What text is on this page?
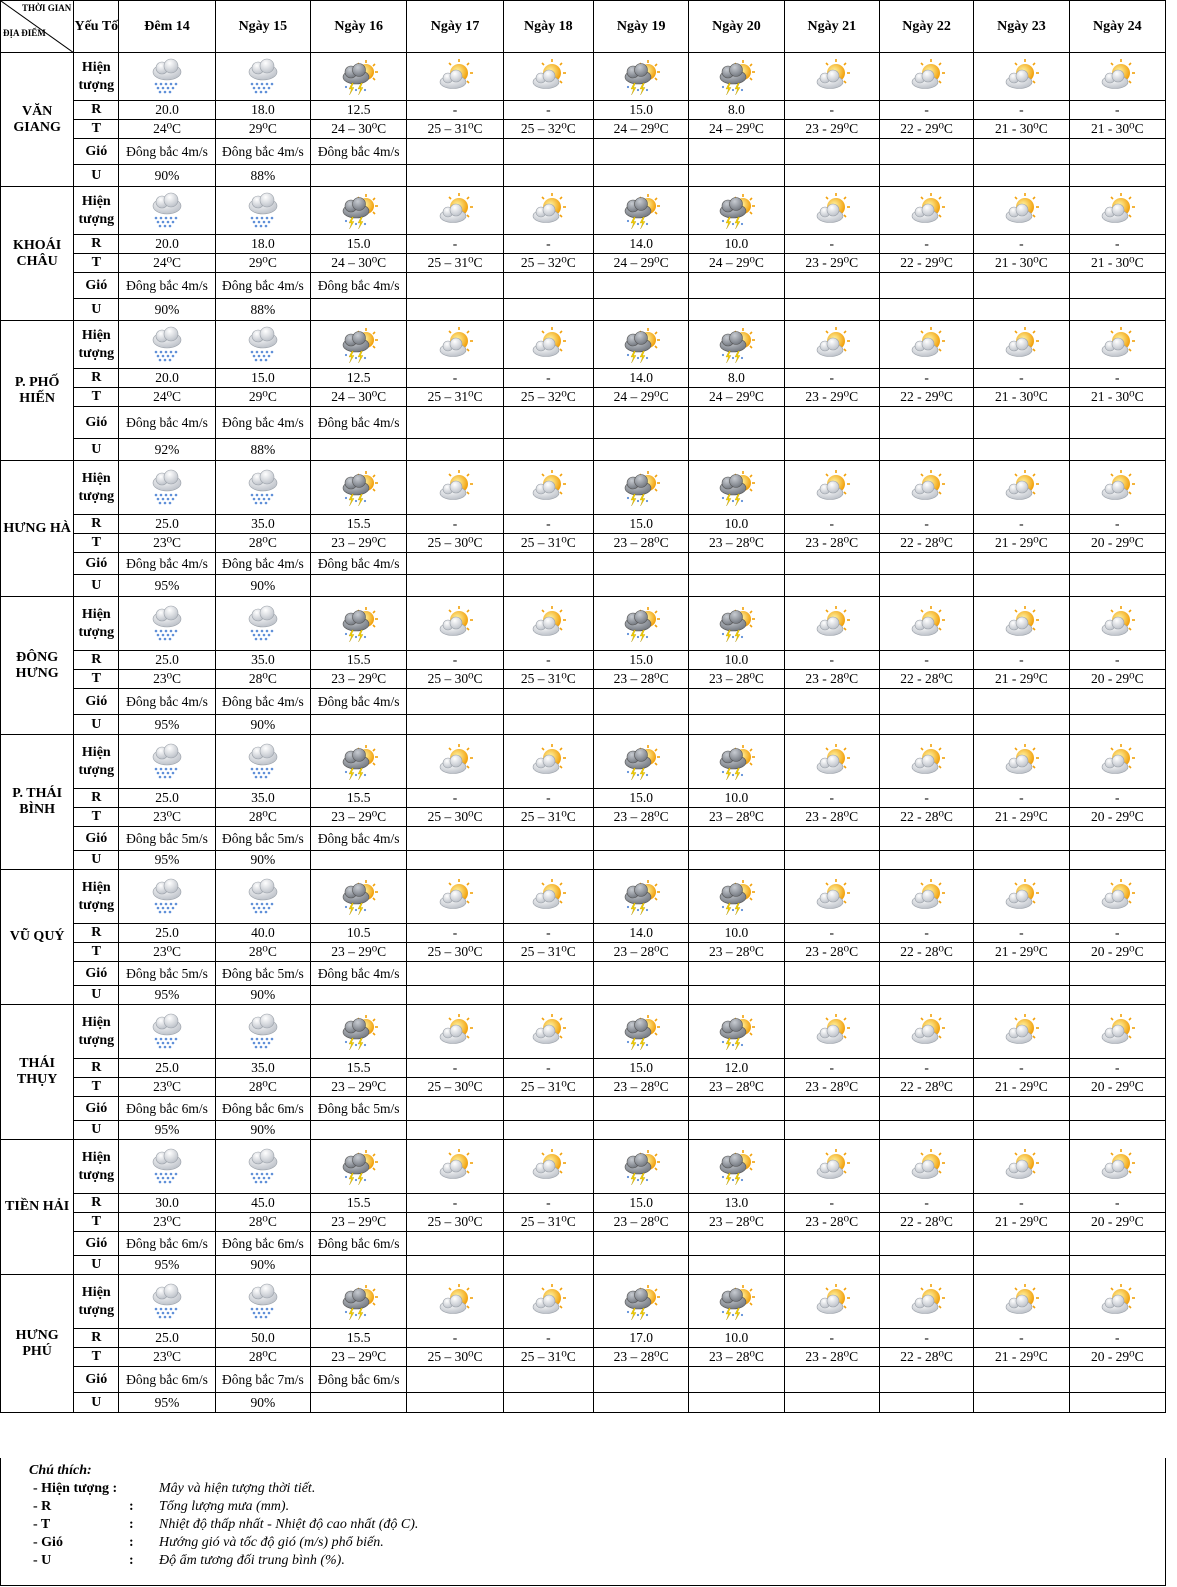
THỜI GIAN
ĐỊA ĐIỂM	Yếu Tố	Đêm 14	Ngày 15	Ngày 16	Ngày 17	Ngày 18	Ngày 19	Ngày 20	Ngày 21	Ngày 22	Ngày 23	Ngày 24
VĂN GIANG	Hiện tượng	

	R	20.0	18.0	12.5	-	-	15.0	8.0	-	-	-	-
	T	24⁰C	29⁰C	24 – 30⁰C	25 – 31⁰C	25 – 32⁰C	24 – 29⁰C	24 – 29⁰C	23 - 29⁰C	22 - 29⁰C	21 - 30⁰C	21 - 30⁰C
	Gió	Đông bắc 4m/s	Đông bắc 4m/s	Đông bắc 4m/s								
	U	90%	88%									
KHOÁI CHÂU	Hiện tượng	

	R	20.0	18.0	15.0	-	-	14.0	10.0	-	-	-	-
	T	24⁰C	29⁰C	24 – 30⁰C	25 – 31⁰C	25 – 32⁰C	24 – 29⁰C	24 – 29⁰C	23 - 29⁰C	22 - 29⁰C	21 - 30⁰C	21 - 30⁰C
	Gió	Đông bắc 4m/s	Đông bắc 4m/s	Đông bắc 4m/s								
	U	90%	88%									
P. PHỐ HIẾN	Hiện tượng	

	R	20.0	15.0	12.5	-	-	14.0	8.0	-	-	-	-
	T	24⁰C	29⁰C	24 – 30⁰C	25 – 31⁰C	25 – 32⁰C	24 – 29⁰C	24 – 29⁰C	23 - 29⁰C	22 - 29⁰C	21 - 30⁰C	21 - 30⁰C
	Gió	Đông bắc 4m/s	Đông bắc 4m/s	Đông bắc 4m/s								
	U	92%	88%									
HƯNG HÀ	Hiện tượng	

	R	25.0	35.0	15.5	-	-	15.0	10.0	-	-	-	-
	T	23⁰C	28⁰C	23 – 29⁰C	25 – 30⁰C	25 – 31⁰C	23 – 28⁰C	23 – 28⁰C	23 - 28⁰C	22 - 28⁰C	21 - 29⁰C	20 - 29⁰C
	Gió	Đông bắc 4m/s	Đông bắc 4m/s	Đông bắc 4m/s								
	U	95%	90%									
ĐÔNG HƯNG	Hiện tượng	

	R	25.0	35.0	15.5	-	-	15.0	10.0	-	-	-	-
	T	23⁰C	28⁰C	23 – 29⁰C	25 – 30⁰C	25 – 31⁰C	23 – 28⁰C	23 – 28⁰C	23 - 28⁰C	22 - 28⁰C	21 - 29⁰C	20 - 29⁰C
	Gió	Đông bắc 4m/s	Đông bắc 4m/s	Đông bắc 4m/s								
	U	95%	90%									
P. THÁI BÌNH	Hiện tượng	

	R	25.0	35.0	15.5	-	-	15.0	10.0	-	-	-	-
	T	23⁰C	28⁰C	23 – 29⁰C	25 – 30⁰C	25 – 31⁰C	23 – 28⁰C	23 – 28⁰C	23 - 28⁰C	22 - 28⁰C	21 - 29⁰C	20 - 29⁰C
	Gió	Đông bắc 5m/s	Đông bắc 5m/s	Đông bắc 4m/s								
	U	95%	90%									
VŨ QUÝ	Hiện tượng	

	R	25.0	40.0	10.5	-	-	14.0	10.0	-	-	-	-
	T	23⁰C	28⁰C	23 – 29⁰C	25 – 30⁰C	25 – 31⁰C	23 – 28⁰C	23 – 28⁰C	23 - 28⁰C	22 - 28⁰C	21 - 29⁰C	20 - 29⁰C
	Gió	Đông bắc 5m/s	Đông bắc 5m/s	Đông bắc 4m/s								
	U	95%	90%									
THÁI THỤY	Hiện tượng	

	R	25.0	35.0	15.5	-	-	15.0	12.0	-	-	-	-
	T	23⁰C	28⁰C	23 – 29⁰C	25 – 30⁰C	25 – 31⁰C	23 – 28⁰C	23 – 28⁰C	23 - 28⁰C	22 - 28⁰C	21 - 29⁰C	20 - 29⁰C
	Gió	Đông bắc 6m/s	Đông bắc 6m/s	Đông bắc 5m/s								
	U	95%	90%									
TIỀN HẢI	Hiện tượng	

	R	30.0	45.0	15.5	-	-	15.0	13.0	-	-	-	-
	T	23⁰C	28⁰C	23 – 29⁰C	25 – 30⁰C	25 – 31⁰C	23 – 28⁰C	23 – 28⁰C	23 - 28⁰C	22 - 28⁰C	21 - 29⁰C	20 - 29⁰C
	Gió	Đông bắc 6m/s	Đông bắc 6m/s	Đông bắc 6m/s								
	U	95%	90%									
HƯNG PHÚ	Hiện tượng	

	R	25.0	50.0	15.5	-	-	17.0	10.0	-	-	-	-
	T	23⁰C	28⁰C	23 – 29⁰C	25 – 30⁰C	25 – 31⁰C	23 – 28⁰C	23 – 28⁰C	23 - 28⁰C	22 - 28⁰C	21 - 29⁰C	20 - 29⁰C
	Gió	Đông bắc 6m/s	Đông bắc 7m/s	Đông bắc 6m/s								
	U	95%	90%									
Chú thích:
- Hiện tượng :	Mây và hiện tượng thời tiết.
- R	:	Tổng lượng mưa (mm).
- T	:	Nhiệt độ thấp nhất - Nhiệt độ cao nhất (độ C).
- Gió	:	Hướng gió và tốc độ gió (m/s) phổ biến.
- U	:	Độ ẩm tương đối trung bình (%).
